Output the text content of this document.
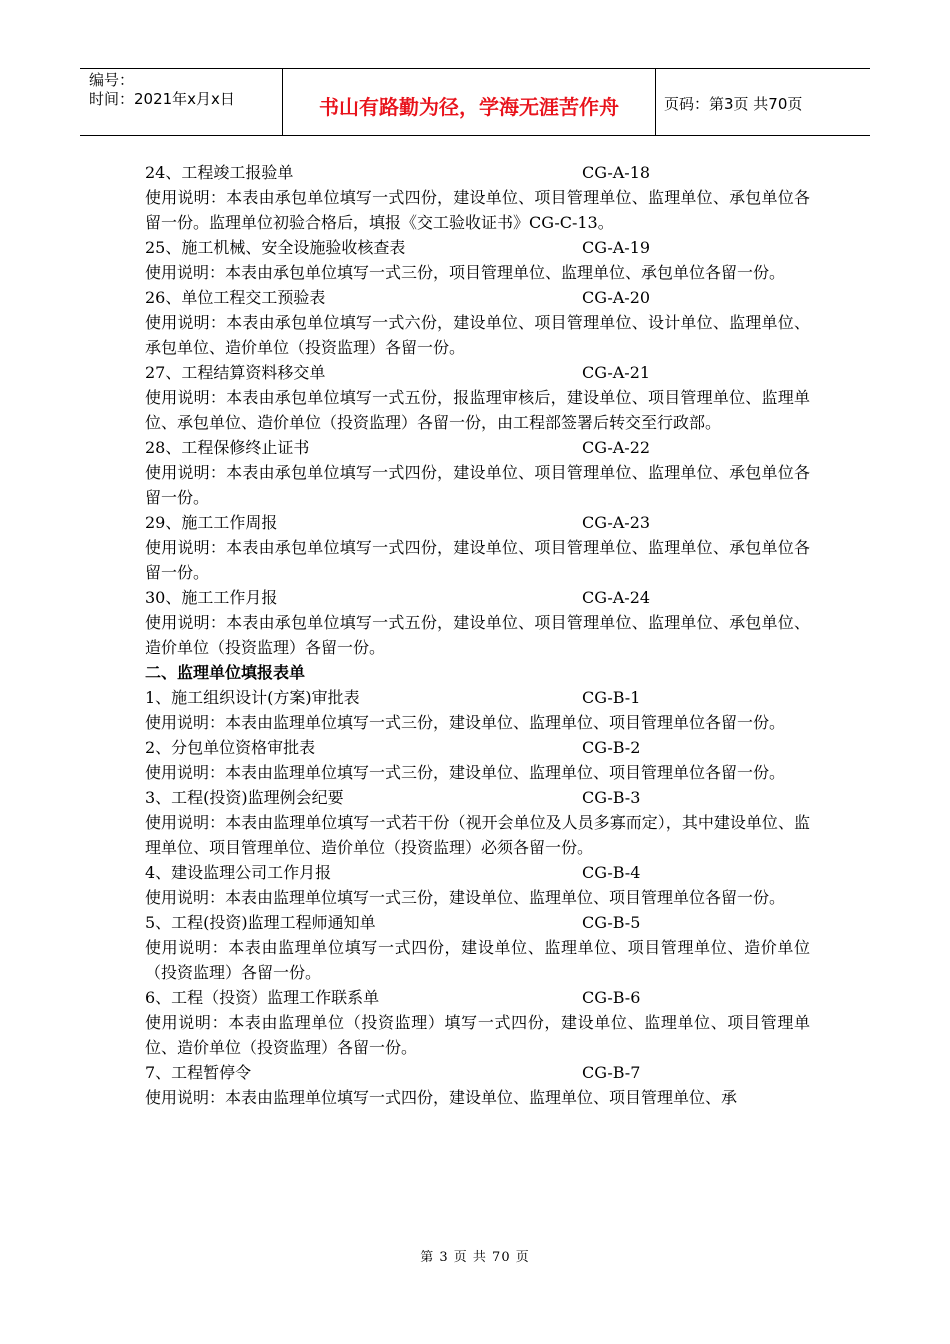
编号：
时间：2021年x月x日	书山有路勤为径，学海无涯苦作舟	页码：第3页 共70页
24、工程竣工报验单	CG-A-18
使用说明：本表由承包单位填写一式四份，建设单位、项目管理单位、监理单位、承包单位各留一份。监理单位初验合格后，填报《交工验收证书》CG-C-13。
25、施工机械、安全设施验收核查表	CG-A-19
使用说明：本表由承包单位填写一式三份，项目管理单位、监理单位、承包单位各留一份。
26、单位工程交工预验表	CG-A-20
使用说明：本表由承包单位填写一式六份，建设单位、项目管理单位、设计单位、监理单位、承包单位、造价单位（投资监理）各留一份。
27、工程结算资料移交单	CG-A-21
使用说明：本表由承包单位填写一式五份，报监理审核后，建设单位、项目管理单位、监理单位、承包单位、造价单位（投资监理）各留一份，由工程部签署后转交至行政部。
28、工程保修终止证书	CG-A-22
使用说明：本表由承包单位填写一式四份，建设单位、项目管理单位、监理单位、承包单位各留一份。
29、施工工作周报	CG-A-23
使用说明：本表由承包单位填写一式四份，建设单位、项目管理单位、监理单位、承包单位各留一份。
30、施工工作月报	CG-A-24
使用说明：本表由承包单位填写一式五份，建设单位、项目管理单位、监理单位、承包单位、造价单位（投资监理）各留一份。
二、监理单位填报表单
1、施工组织设计(方案)审批表	CG-B-1
使用说明：本表由监理单位填写一式三份，建设单位、监理单位、项目管理单位各留一份。
2、分包单位资格审批表	CG-B-2
使用说明：本表由监理单位填写一式三份，建设单位、监理单位、项目管理单位各留一份。
3、工程(投资)监理例会纪要	CG-B-3
使用说明：本表由监理单位填写一式若干份（视开会单位及人员多寡而定），其中建设单位、监理单位、项目管理单位、造价单位（投资监理）必须各留一份。
4、建设监理公司工作月报	CG-B-4
使用说明：本表由监理单位填写一式三份，建设单位、监理单位、项目管理单位各留一份。
5、工程(投资)监理工程师通知单	CG-B-5
使用说明：本表由监理单位填写一式四份，建设单位、监理单位、项目管理单位、造价单位（投资监理）各留一份。
6、工程（投资）监理工作联系单	CG-B-6
使用说明：本表由监理单位（投资监理）填写一式四份，建设单位、监理单位、项目管理单位、造价单位（投资监理）各留一份。
7、工程暂停令	CG-B-7
使用说明：本表由监理单位填写一式四份，建设单位、监理单位、项目管理单位、承
第 3 页 共 70 页
